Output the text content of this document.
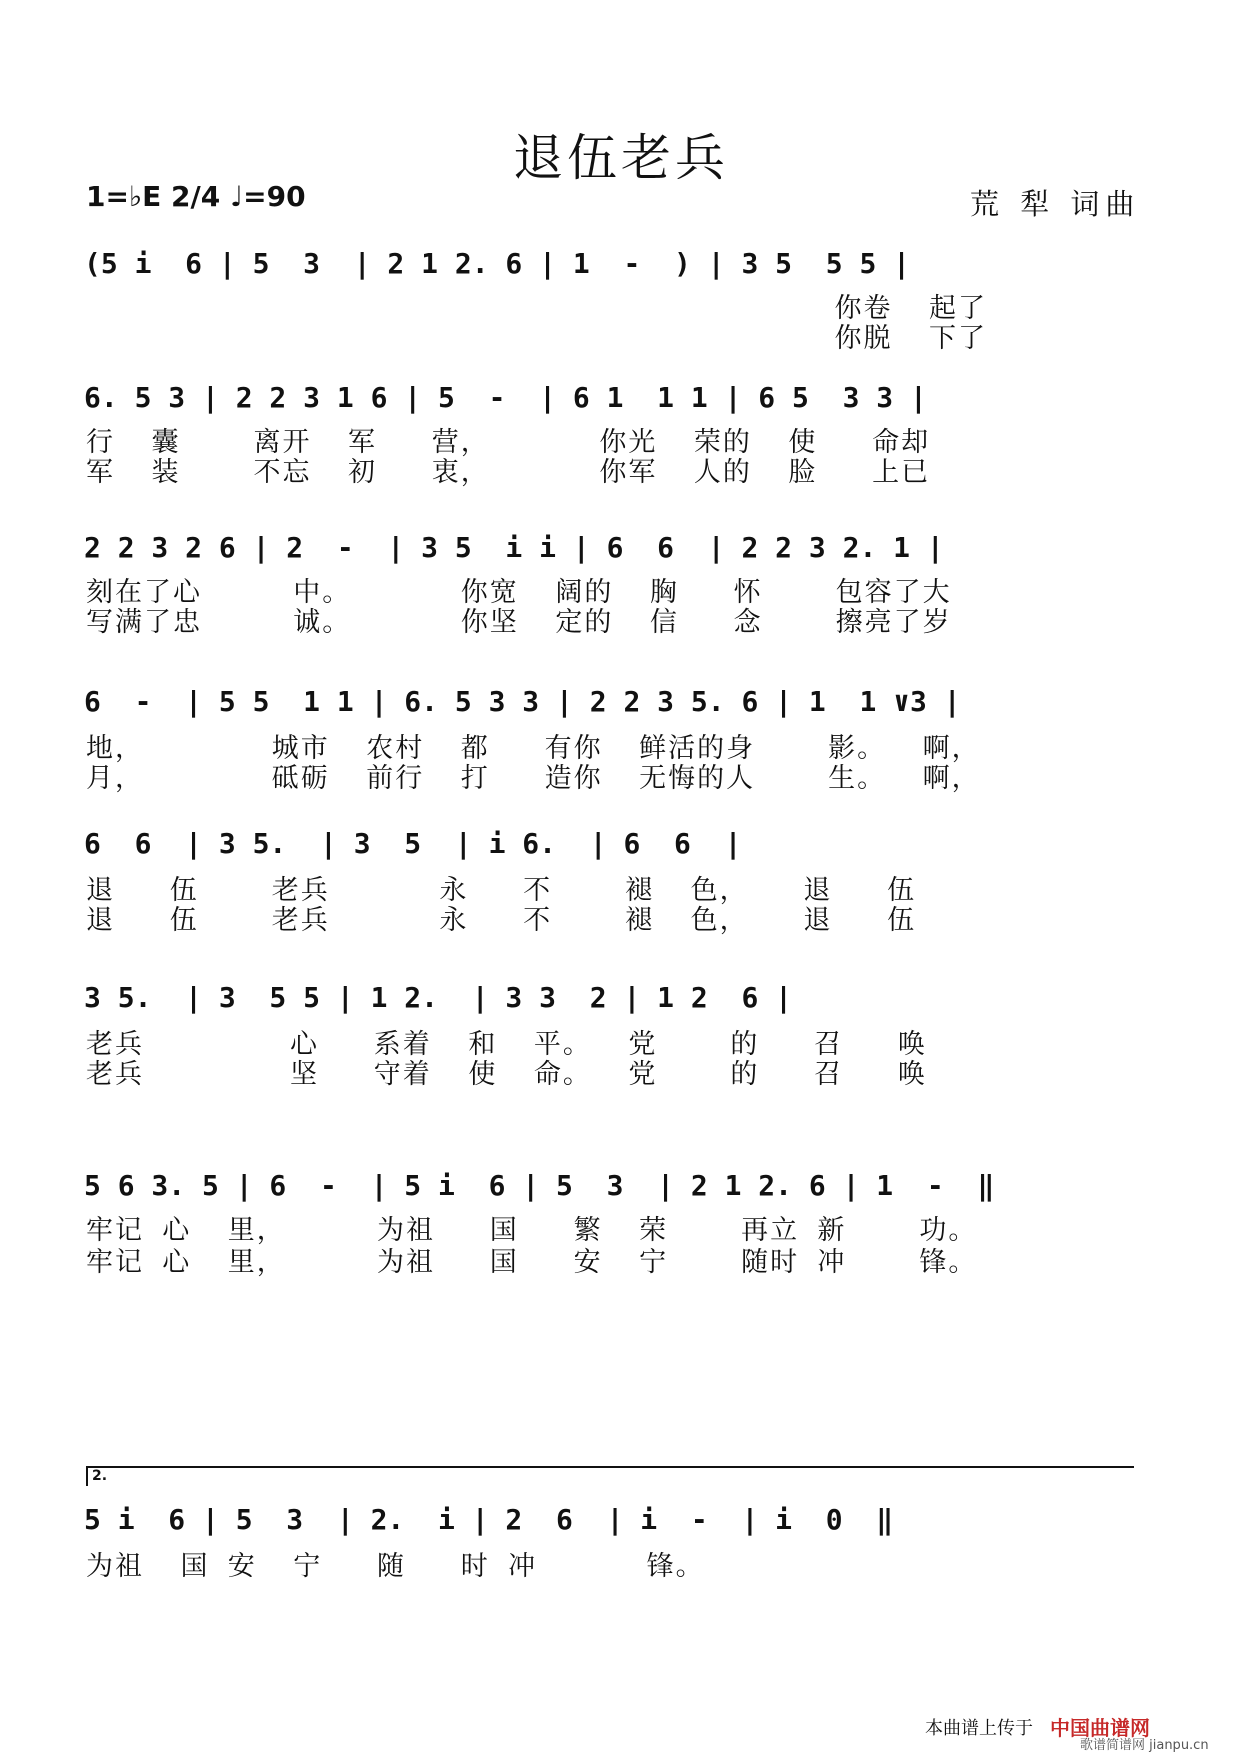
退伍老兵
1=♭E 2/4 ♩=90	荒 犁 词曲
(5 i  6 | 5  3  | 2 1 2. 6 | 1  -  ) | 3 5  5 5 |
你卷  起了
你脱  下了
6. 5 3 | 2 2 3 1 6 | 5  -  | 6 1  1 1 | 6 5  3 3 |
行  囊    离开  军   营，      你光  荣的  使   命却
军  装    不忘  初   衷，      你军  人的  脸   上已
2 2 3 2 6 | 2  -  | 3 5  i i | 6  6  | 2 2 3 2. 1 |
刻在了心     中。      你宽  阔的  胸   怀    包容了大
写满了忠     诚。      你坚  定的  信   念    擦亮了岁
6  -  | 5 5  1 1 | 6. 5 3 3 | 2 2 3 5. 6 | 1  1 ∨3 |
地，       城市  农村  都   有你  鲜活的身    影。  啊，
月，       砥砺  前行  打   造你  无悔的人    生。  啊，
6  6  | 3 5.  | 3  5  | i 6.  | 6  6  |
退   伍    老兵      永   不    褪  色，   退   伍
退   伍    老兵      永   不    褪  色，   退   伍
3 5.  | 3  5 5 | 1 2.  | 3 3  2 | 1 2  6 |
老兵        心   系着  和  平。  党    的   召   唤
老兵        坚   守着  使  命。  党    的   召   唤
5 6 3. 5 | 6  -  | 5 i  6 | 5  3  | 2 1 2. 6 | 1  -  ‖
牢记 心  里，     为祖   国   繁  荣    再立 新    功。
牢记 心  里，     为祖   国   安  宁    随时 冲    锋。
2.
5 i  6 | 5  3  | 2.  i | 2  6  | i  -  | i  0  ‖
为祖  国 安  宁   随   时 冲      锋。
本曲谱上传于 中国曲谱网
歌谱简谱网 jianpu.cn
